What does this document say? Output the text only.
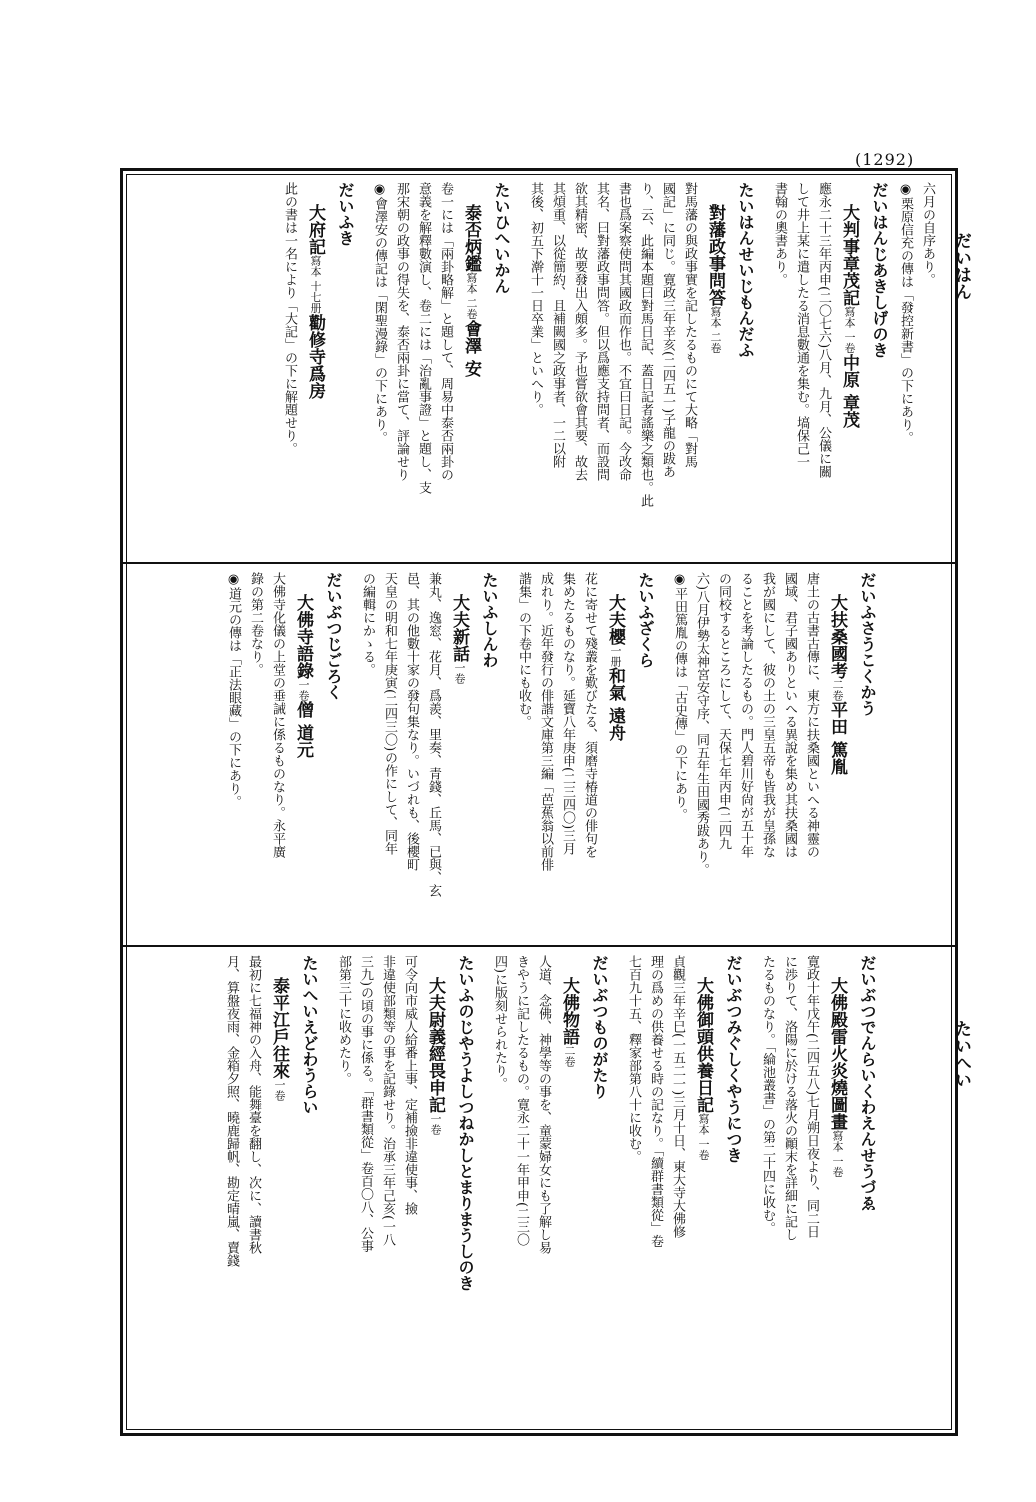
(1292)
だいはん
たいへい
六月の自序あり。
◉栗原信充の傳は「發控新書」の下にあり。
だいはんじあきしげのき
大判事章茂記寫本 一卷中原 章茂
應永二十三年丙申(二〇七六)八月、九月、公儀に關
して井上某に遣したる消息數通を集む。塙保己一
書翰の奧書あり。
たいはんせいじもんだふ
對藩政事問答寫本 二卷
對馬藩の與政事實を記したるものにて大略「對馬
國記」に同じ。寛政三年辛亥(二四五一)子龍の跋あ
り、云、此編本題曰對馬日記、蓋日記者謠樂之類也。此
書也爲案察使問其國政而作也。不宜曰日記。今改命
其名、曰對藩政事問答。但以爲應支持問者、而設問
欲其精密、故要發出入頗多。予也嘗欲會其要、故去
其煩重、以從簡約、且補闕國之政事者、一二以附
其後、初五下澣十一日卒業」といへり。
たいひへいかん
泰否炳鑑寫本 二卷會澤 安
卷一には「兩卦略解」と題して、周易中泰否兩卦の
意義を解釋數演し、卷二には「治亂事證」と題し、支
那宋朝の政事の得失を、泰否兩卦に當て、評論せり
◉會澤安の傳記は「閑聖漫錄」の下にあり。
だいふき
大府記寫本 十七册勸修寺爲房
此の書は一名により「大記」の下に解題せり。
だいふさうこくかう
大扶桑國考二卷平田 篤胤
唐土の古書古傳に、東方に扶桑國といへる神靈の
國域、君子國ありといへる異說を集め其扶桑國は
我が國にして、彼の土の三皇五帝も皆我が皇孫な
ることを考論したるもの。門人碧川好尙が五十年
の同校するところにして、天保七年丙申(二四九
六)八月伊勢太神宮安守序、同五年生田國秀跋あり。
◉平田篤胤の傳は「古史傳」の下にあり。
たいふざくら
大夫櫻一册和氣 遠舟
花に寄せて殘叢を歎びたる、須磨寺椿道の俳句を
集めたるものなり。延寶八年庚申(二三四〇)三月
成れり。近年發行の俳諧文庫第三編「芭蕉翁以前俳
諧集」の下卷中にも收む。
たいふしんわ
大夫新話一卷
兼丸、逸窓、花月、爲羨、里奏、青錢、丘馬、已與、玄
邑、其の他數十家の發句集なり。いづれも、後櫻町
天皇の明和七年庚寅(二四三〇)の作にして、同年
の編輯にかゝる。
だいぶつじごろく
大佛寺語錄一卷僧 道元
大佛寺化儀の上堂の垂誡に係るものなり。永平廣
錄の第二卷なり。
◉道元の傳は「正法眼藏」の下にあり。
だいぶつでんらいくわえんせうづゑ
大佛殿雷火炎燒圖畫寫本 一卷
寛政十年戊午(二四五八)七月朔日夜より、同二日
に渉りて、洛陽に於ける落火の顚末を詳細に記し
たるものなり。「綸池叢書」の第二十四に收む。
だいぶつみぐしくやうにつき
大佛御頭供養日記寫本 一卷
貞觀三年辛巳(一五二一)三月十日、東大寺大佛修
理の爲めの供養せる時の記なり。「續群書類從」卷
七百九十五、釋家部第八十に收む。
だいぶつものがたり
大佛物語二卷
人道、念佛、神學等の事を、童蒙婦女にも了解し易
きやうに記したるもの。寛永二十一年甲申(二三〇
四)に版刻せられたり。
たいふのじやうよしつねかしとまりまうしのき
大夫尉義經畏申記一卷
可令向市威人給番上事、定補撿非違使事、撿
非違使部類等の事を記錄せり。治承三年己亥(一八
三九)の頃の事に係る。「群書類從」卷百〇八、公事
部第三十に收めたり。
たいへいえどわうらい
泰平江戶往來一卷
最初に七福神の入舟、能舞臺を翻し、次に、讀書秋
月、算盤夜雨、金箱夕照、曉鹿歸帆、勘定晴嵐、賣錢
